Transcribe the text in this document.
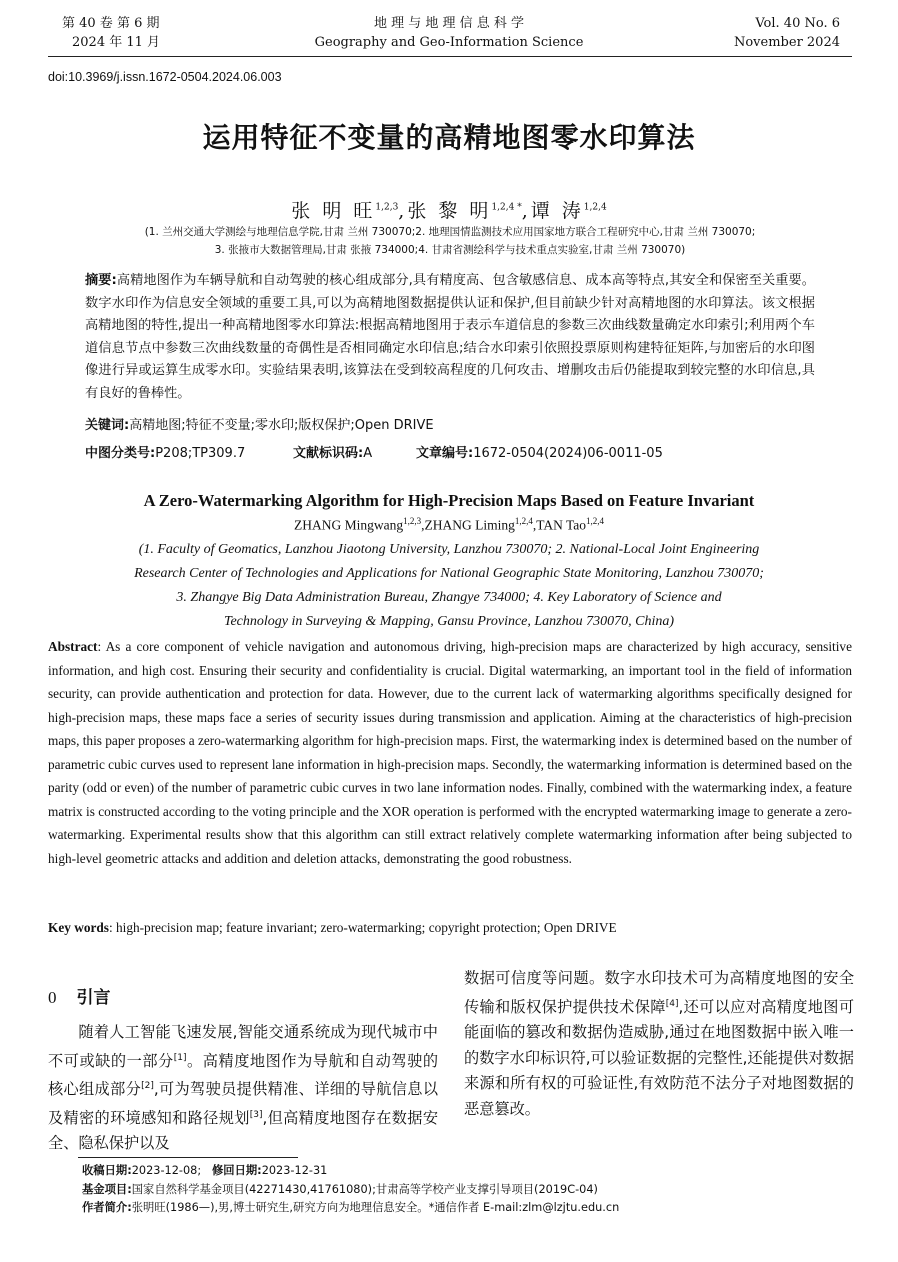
第 40 卷 第 6 期
2024 年 11 月
地 理 与 地 理 信 息 科 学
Geography and Geo-Information Science
Vol. 40 No. 6
November 2024
doi:10.3969/j.issn.1672-0504.2024.06.003
运用特征不变量的高精地图零水印算法
张 明 旺$^{1,2,3}$,张 黎 明$^{1,2,4 *}$,谭 涛$^{1,2,4}$
(1. 兰州交通大学测绘与地理信息学院,甘肃 兰州 730070;2. 地理国情监测技术应用国家地方联合工程研究中心,甘肃 兰州 730070;
3. 张掖市大数据管理局,甘肃 张掖 734000;4. 甘肃省测绘科学与技术重点实验室,甘肃 兰州 730070)
摘要:高精地图作为车辆导航和自动驾驶的核心组成部分,具有精度高、包含敏感信息、成本高等特点,其安全和保密至关重要。数字水印作为信息安全领域的重要工具,可以为高精地图数据提供认证和保护,但目前缺少针对高精地图的水印算法。该文根据高精地图的特性,提出一种高精地图零水印算法:根据高精地图用于表示车道信息的参数三次曲线数量确定水印索引;利用两个车道信息节点中参数三次曲线数量的奇偶性是否相同确定水印信息;结合水印索引依照投票原则构建特征矩阵,与加密后的水印图像进行异或运算生成零水印。实验结果表明,该算法在受到较高程度的几何攻击、增删攻击后仍能提取到较完整的水印信息,具有良好的鲁棒性。
关键词:高精地图;特征不变量;零水印;版权保护;Open DRIVE
中图分类号:P208;TP309.7	文献标识码:A	文章编号:1672-0504(2024)06-0011-05
A Zero-Watermarking Algorithm for High-Precision Maps Based on Feature Invariant
ZHANG Mingwang$^{1,2,3}$,ZHANG Liming$^{1,2,4}$,TAN Tao$^{1,2,4}$
(1. Faculty of Geomatics, Lanzhou Jiaotong University, Lanzhou 730070; 2. National-Local Joint Engineering
Research Center of Technologies and Applications for National Geographic State Monitoring, Lanzhou 730070;
3. Zhangye Big Data Administration Bureau, Zhangye 734000; 4. Key Laboratory of Science and
Technology in Surveying & Mapping, Gansu Province, Lanzhou 730070, China)
Abstract: As a core component of vehicle navigation and autonomous driving, high-precision maps are characterized by high accuracy, sensitive information, and high cost. Ensuring their security and confidentiality is crucial. Digital watermarking, an important tool in the field of information security, can provide authentication and protection for data. However, due to the current lack of watermarking algorithms specifically designed for high-precision maps, these maps face a series of security issues during transmission and application. Aiming at the characteristics of high-precision maps, this paper proposes a zero-watermarking algorithm for high-precision maps. First, the watermarking index is determined based on the number of parametric cubic curves used to represent lane information in high-precision maps. Secondly, the watermarking information is determined based on the parity (odd or even) of the number of parametric cubic curves in two lane information nodes. Finally, combined with the watermarking index, a feature matrix is constructed according to the voting principle and the XOR operation is performed with the encrypted watermarking image to generate a zero-watermarking. Experimental results show that this algorithm can still extract relatively complete watermarking information after being subjected to high-level geometric attacks and addition and deletion attacks, demonstrating the good robustness.
Key words: high-precision map; feature invariant; zero-watermarking; copyright protection; Open DRIVE
0 引言
随着人工智能飞速发展,智能交通系统成为现代城市中不可或缺的一部分[1]。高精度地图作为导航和自动驾驶的核心组成部分[2],可为驾驶员提供精准、详细的导航信息以及精密的环境感知和路径规划[3],但高精度地图存在数据安全、隐私保护以及
数据可信度等问题。数字水印技术可为高精度地图的安全传输和版权保护提供技术保障[4],还可以应对高精度地图可能面临的篡改和数据伪造威胁,通过在地图数据中嵌入唯一的数字水印标识符,可以验证数据的完整性,还能提供对数据来源和所有权的可验证性,有效防范不法分子对地图数据的恶意篡改。
收稿日期:2023-12-08; 修回日期:2023-12-31
基金项目:国家自然科学基金项目(42271430,41761080);甘肃高等学校产业支撑引导项目(2019C-04)
作者简介:张明旺(1986—),男,博士研究生,研究方向为地理信息安全。*通信作者 E-mail:zlm@lzjtu.edu.cn
